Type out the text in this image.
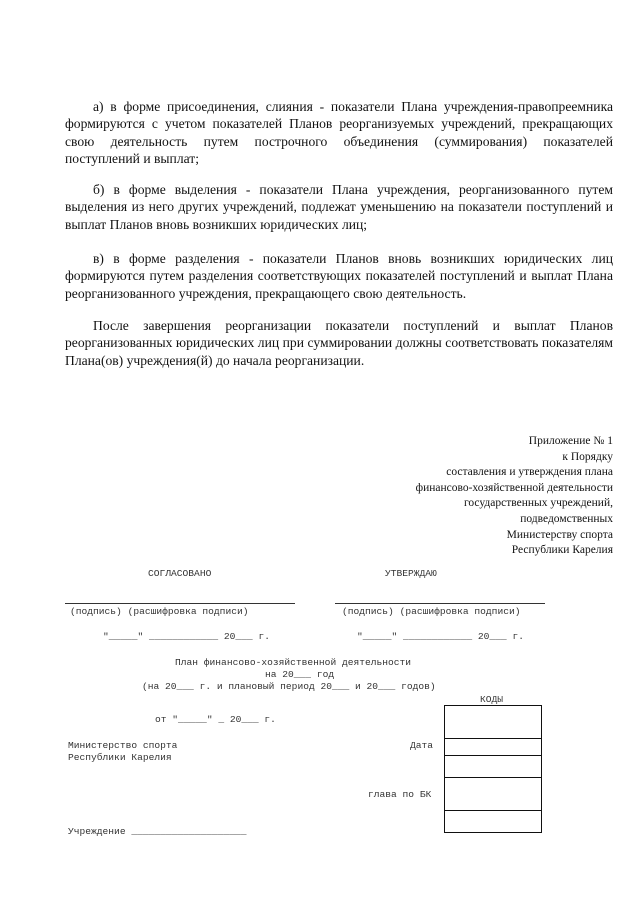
а) в форме присоединения, слияния - показатели Плана учреждения-правопреемника формируются с учетом показателей Планов реорганизуемых учреждений, прекращающих свою деятельность путем построчного объединения (суммирования) показателей поступлений и выплат;

б) в форме выделения - показатели Плана учреждения, реорганизованного путем выделения из него других учреждений, подлежат уменьшению на показатели поступлений и выплат Планов вновь возникших юридических лиц;

в) в форме разделения - показатели Планов вновь возникших юридических лиц формируются путем разделения соответствующих показателей поступлений и выплат Плана реорганизованного учреждения, прекращающего свою деятельность.

После завершения реорганизации показатели поступлений и выплат Планов реорганизованных юридических лиц при суммировании должны соответствовать показателям Плана(ов) учреждения(й) до начала реорганизации.

Приложение № 1
к Порядку
составления и утверждения плана
финансово-хозяйственной деятельности
государственных учреждений,
подведомственных
Министерству спорта
Республики Карелия
СОГЛАСОВАНО	УТВЕРЖДАЮ
(подпись) (расшифровка подписи)	(подпись) (расшифровка подписи)
"_____" ____________ 20___ г.	"_____" ____________ 20___ г.
План финансово-хозяйственной деятельности
на 20___ год
(на 20___ г. и плановый период 20___ и 20___ годов)
КОДЫ
от "_____" _ 20___ г.
Министерство спорта
Республики Карелия
Дата
глава по БК
Учреждение ____________________
